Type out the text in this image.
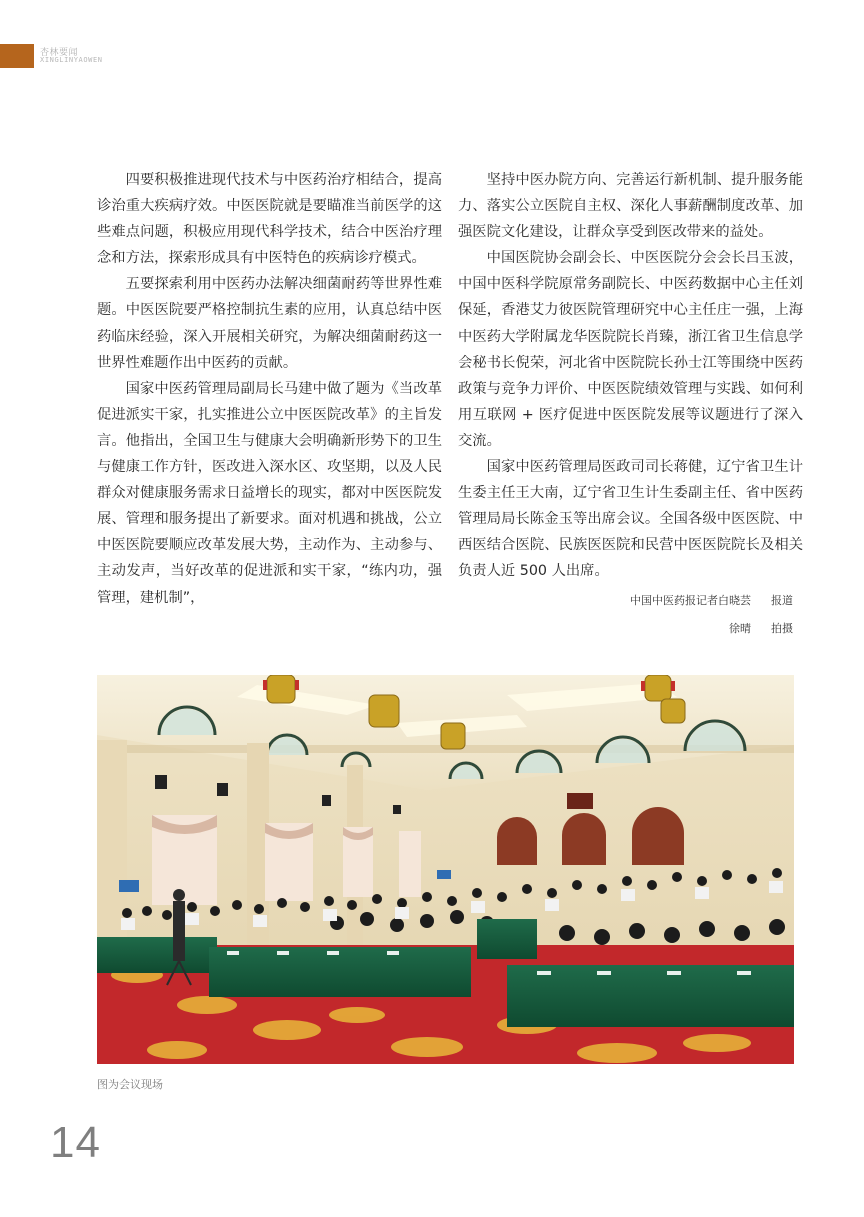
杏林要闻
XINGLINYAOWEN

四要积极推进现代技术与中医药治疗相结合，提高诊治重大疾病疗效。中医医院就是要瞄准当前医学的这些难点问题，积极应用现代科学技术，结合中医治疗理念和方法，探索形成具有中医特色的疾病诊疗模式。

五要探索利用中医药办法解决细菌耐药等世界性难题。中医医院要严格控制抗生素的应用，认真总结中医药临床经验，深入开展相关研究，为解决细菌耐药这一世界性难题作出中医药的贡献。

国家中医药管理局副局长马建中做了题为《当改革促进派实干家，扎实推进公立中医医院改革》的主旨发言。他指出，全国卫生与健康大会明确新形势下的卫生与健康工作方针，医改进入深水区、攻坚期，以及人民群众对健康服务需求日益增长的现实，都对中医医院发展、管理和服务提出了新要求。面对机遇和挑战，公立中医医院要顺应改革发展大势，主动作为、主动参与、主动发声，当好改革的促进派和实干家，“练内功，强管理，建机制”，

坚持中医办院方向、完善运行新机制、提升服务能力、落实公立医院自主权、深化人事薪酬制度改革、加强医院文化建设，让群众享受到医改带来的益处。

中国医院协会副会长、中医医院分会会长吕玉波，中国中医科学院原常务副院长、中医药数据中心主任刘保延，香港艾力彼医院管理研究中心主任庄一强，上海中医药大学附属龙华医院院长肖臻，浙江省卫生信息学会秘书长倪荣，河北省中医院院长孙士江等围绕中医药政策与竞争力评价、中医医院绩效管理与实践、如何利用互联网 + 医疗促进中医医院发展等议题进行了深入交流。

国家中医药管理局医政司司长蒋健，辽宁省卫生计生委主任王大南，辽宁省卫生计生委副主任、省中医药管理局局长陈金玉等出席会议。全国各级中医医院、中西医结合医院、民族医医院和民营中医医院院长及相关负责人近 500 人出席。

中国中医药报记者白晓芸 报道
徐晴 拍摄
图为会议现场
14
